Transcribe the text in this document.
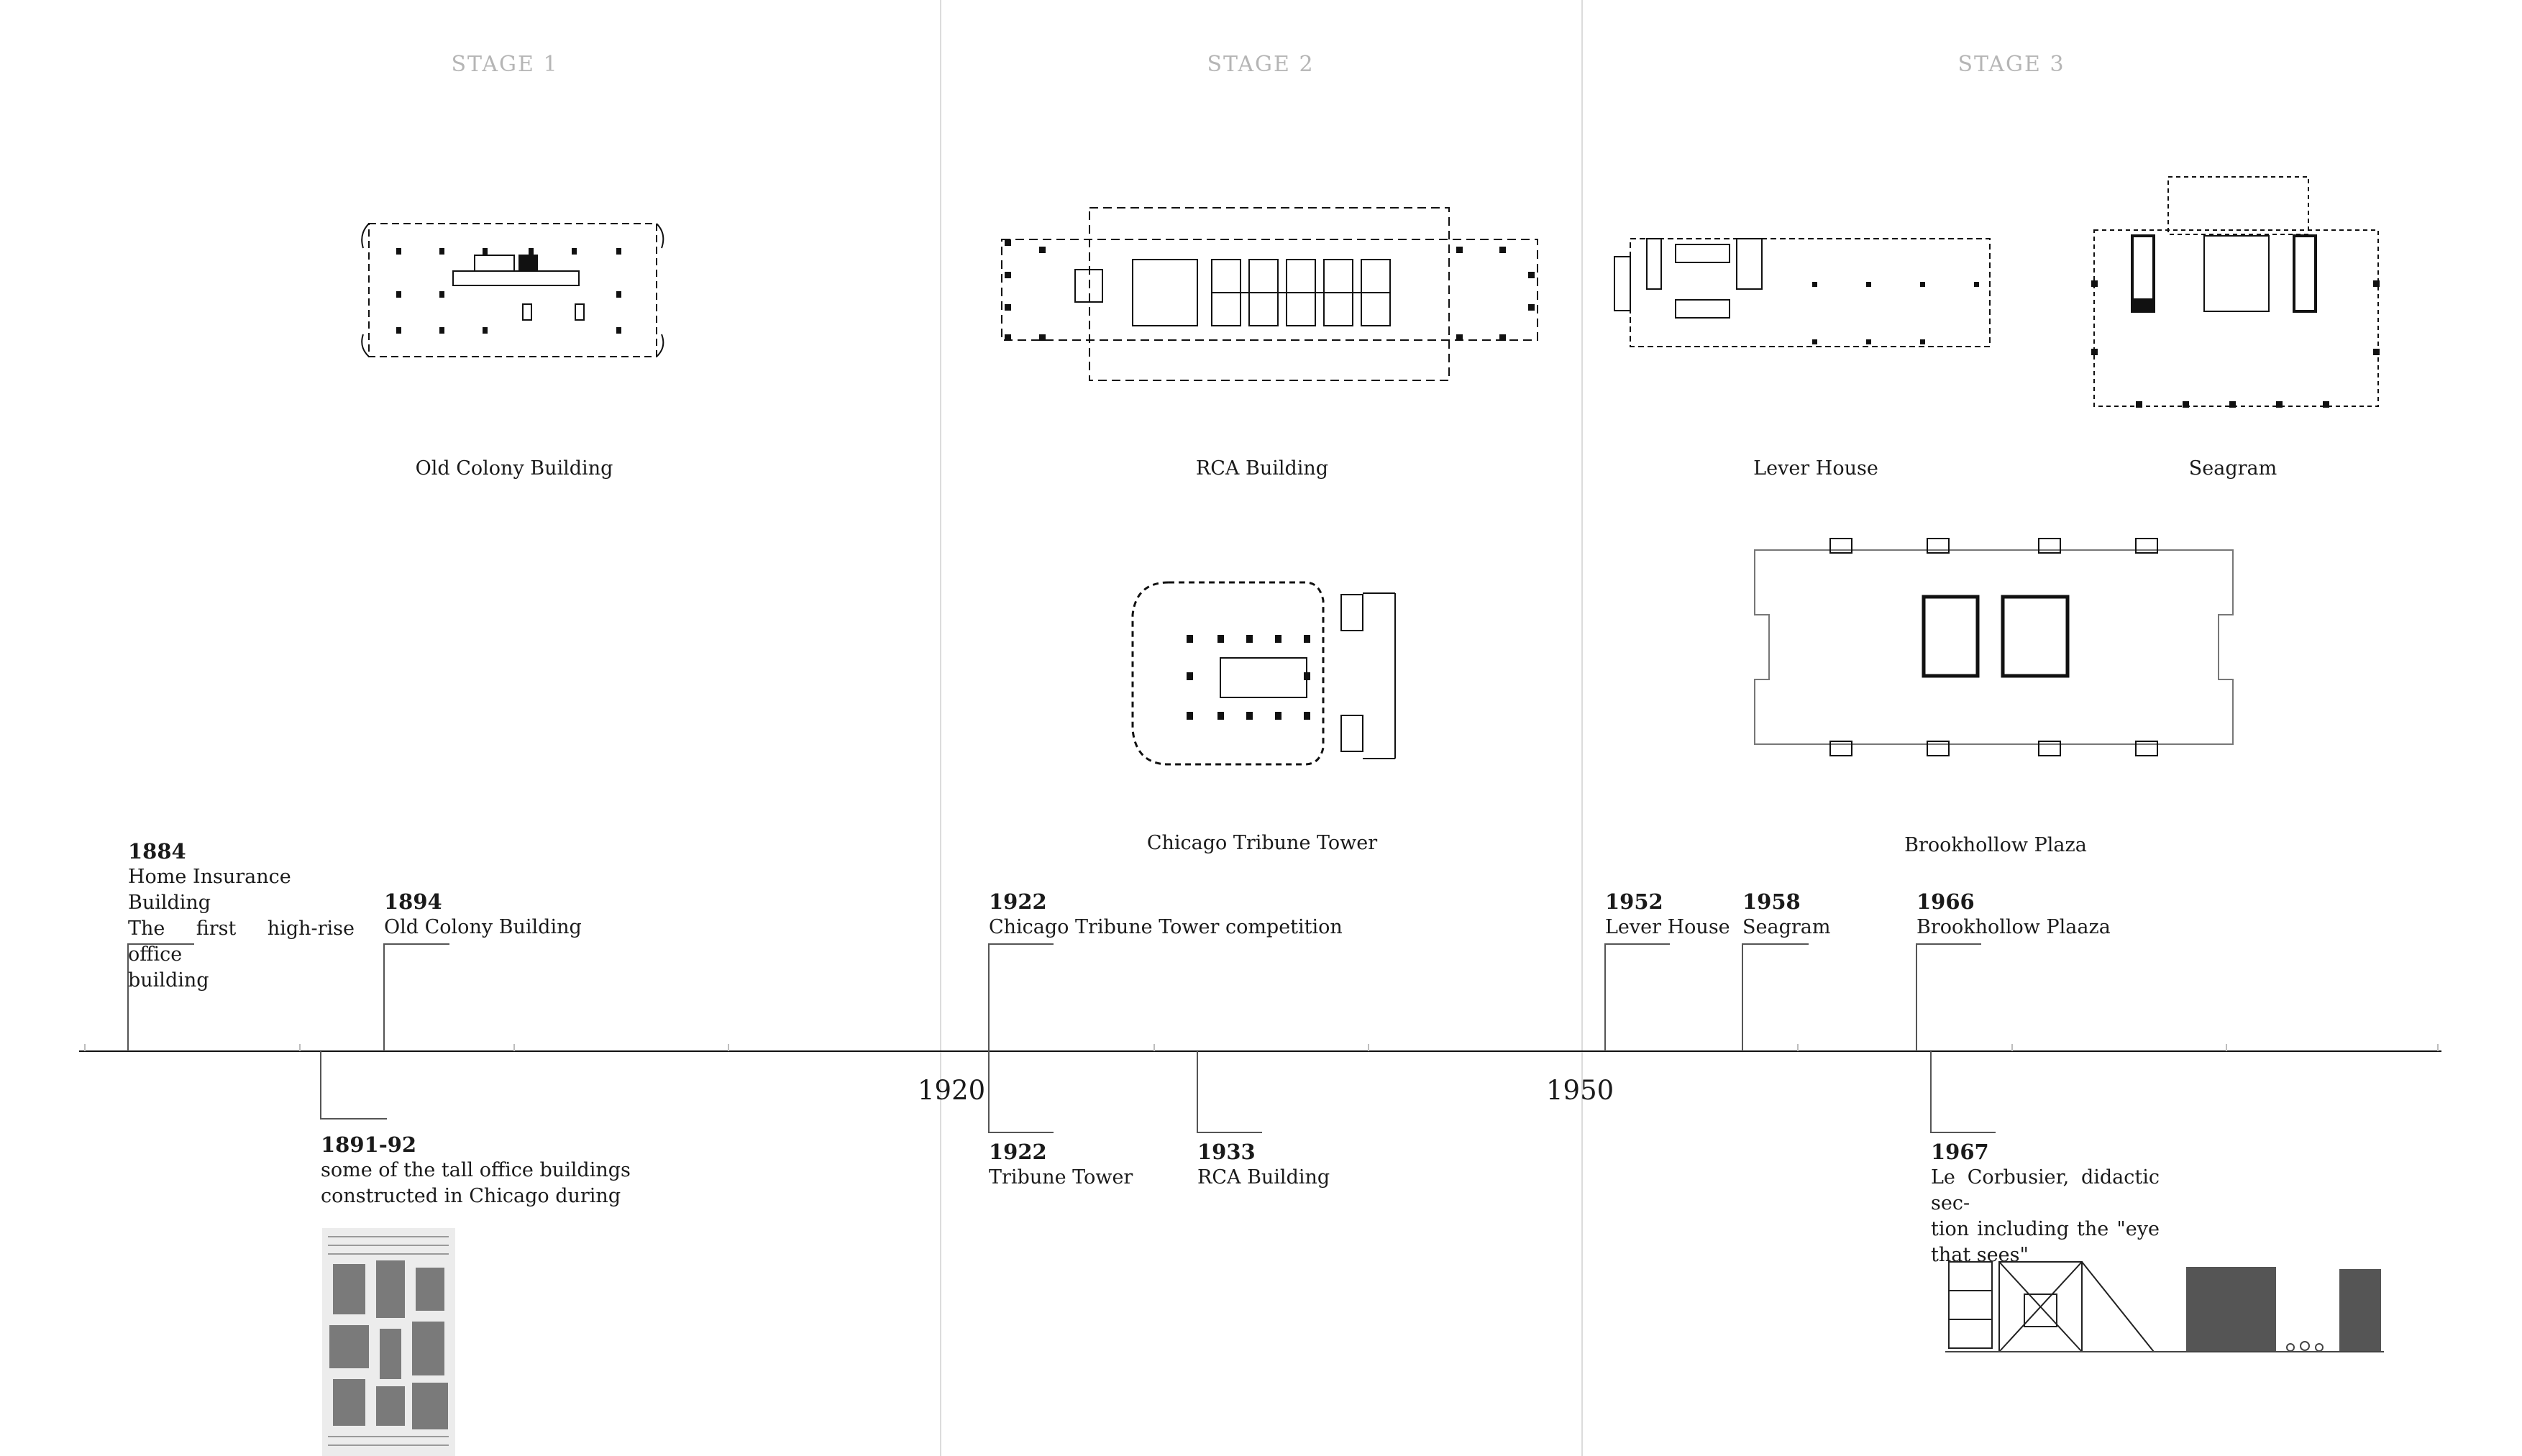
STAGE 1	STAGE 2	STAGE 3
Old Colony Building	RCA Building	Lever House	Seagram
Chicago Tribune Tower	Brookhollow Plaza
1920	1950
1884
Home Insurance Building
The first high-rise office
building
1894
Old Colony Building
1922
Chicago Tribune Tower competition
1952
Lever House
1958
Seagram
1966
Brookhollow Plaaza
1891-92
some of the tall office buildings
constructed in Chicago during
1922
Tribune Tower
1933
RCA Building
1967
Le Corbusier, didactic sec-
tion including the "eye
that sees"
